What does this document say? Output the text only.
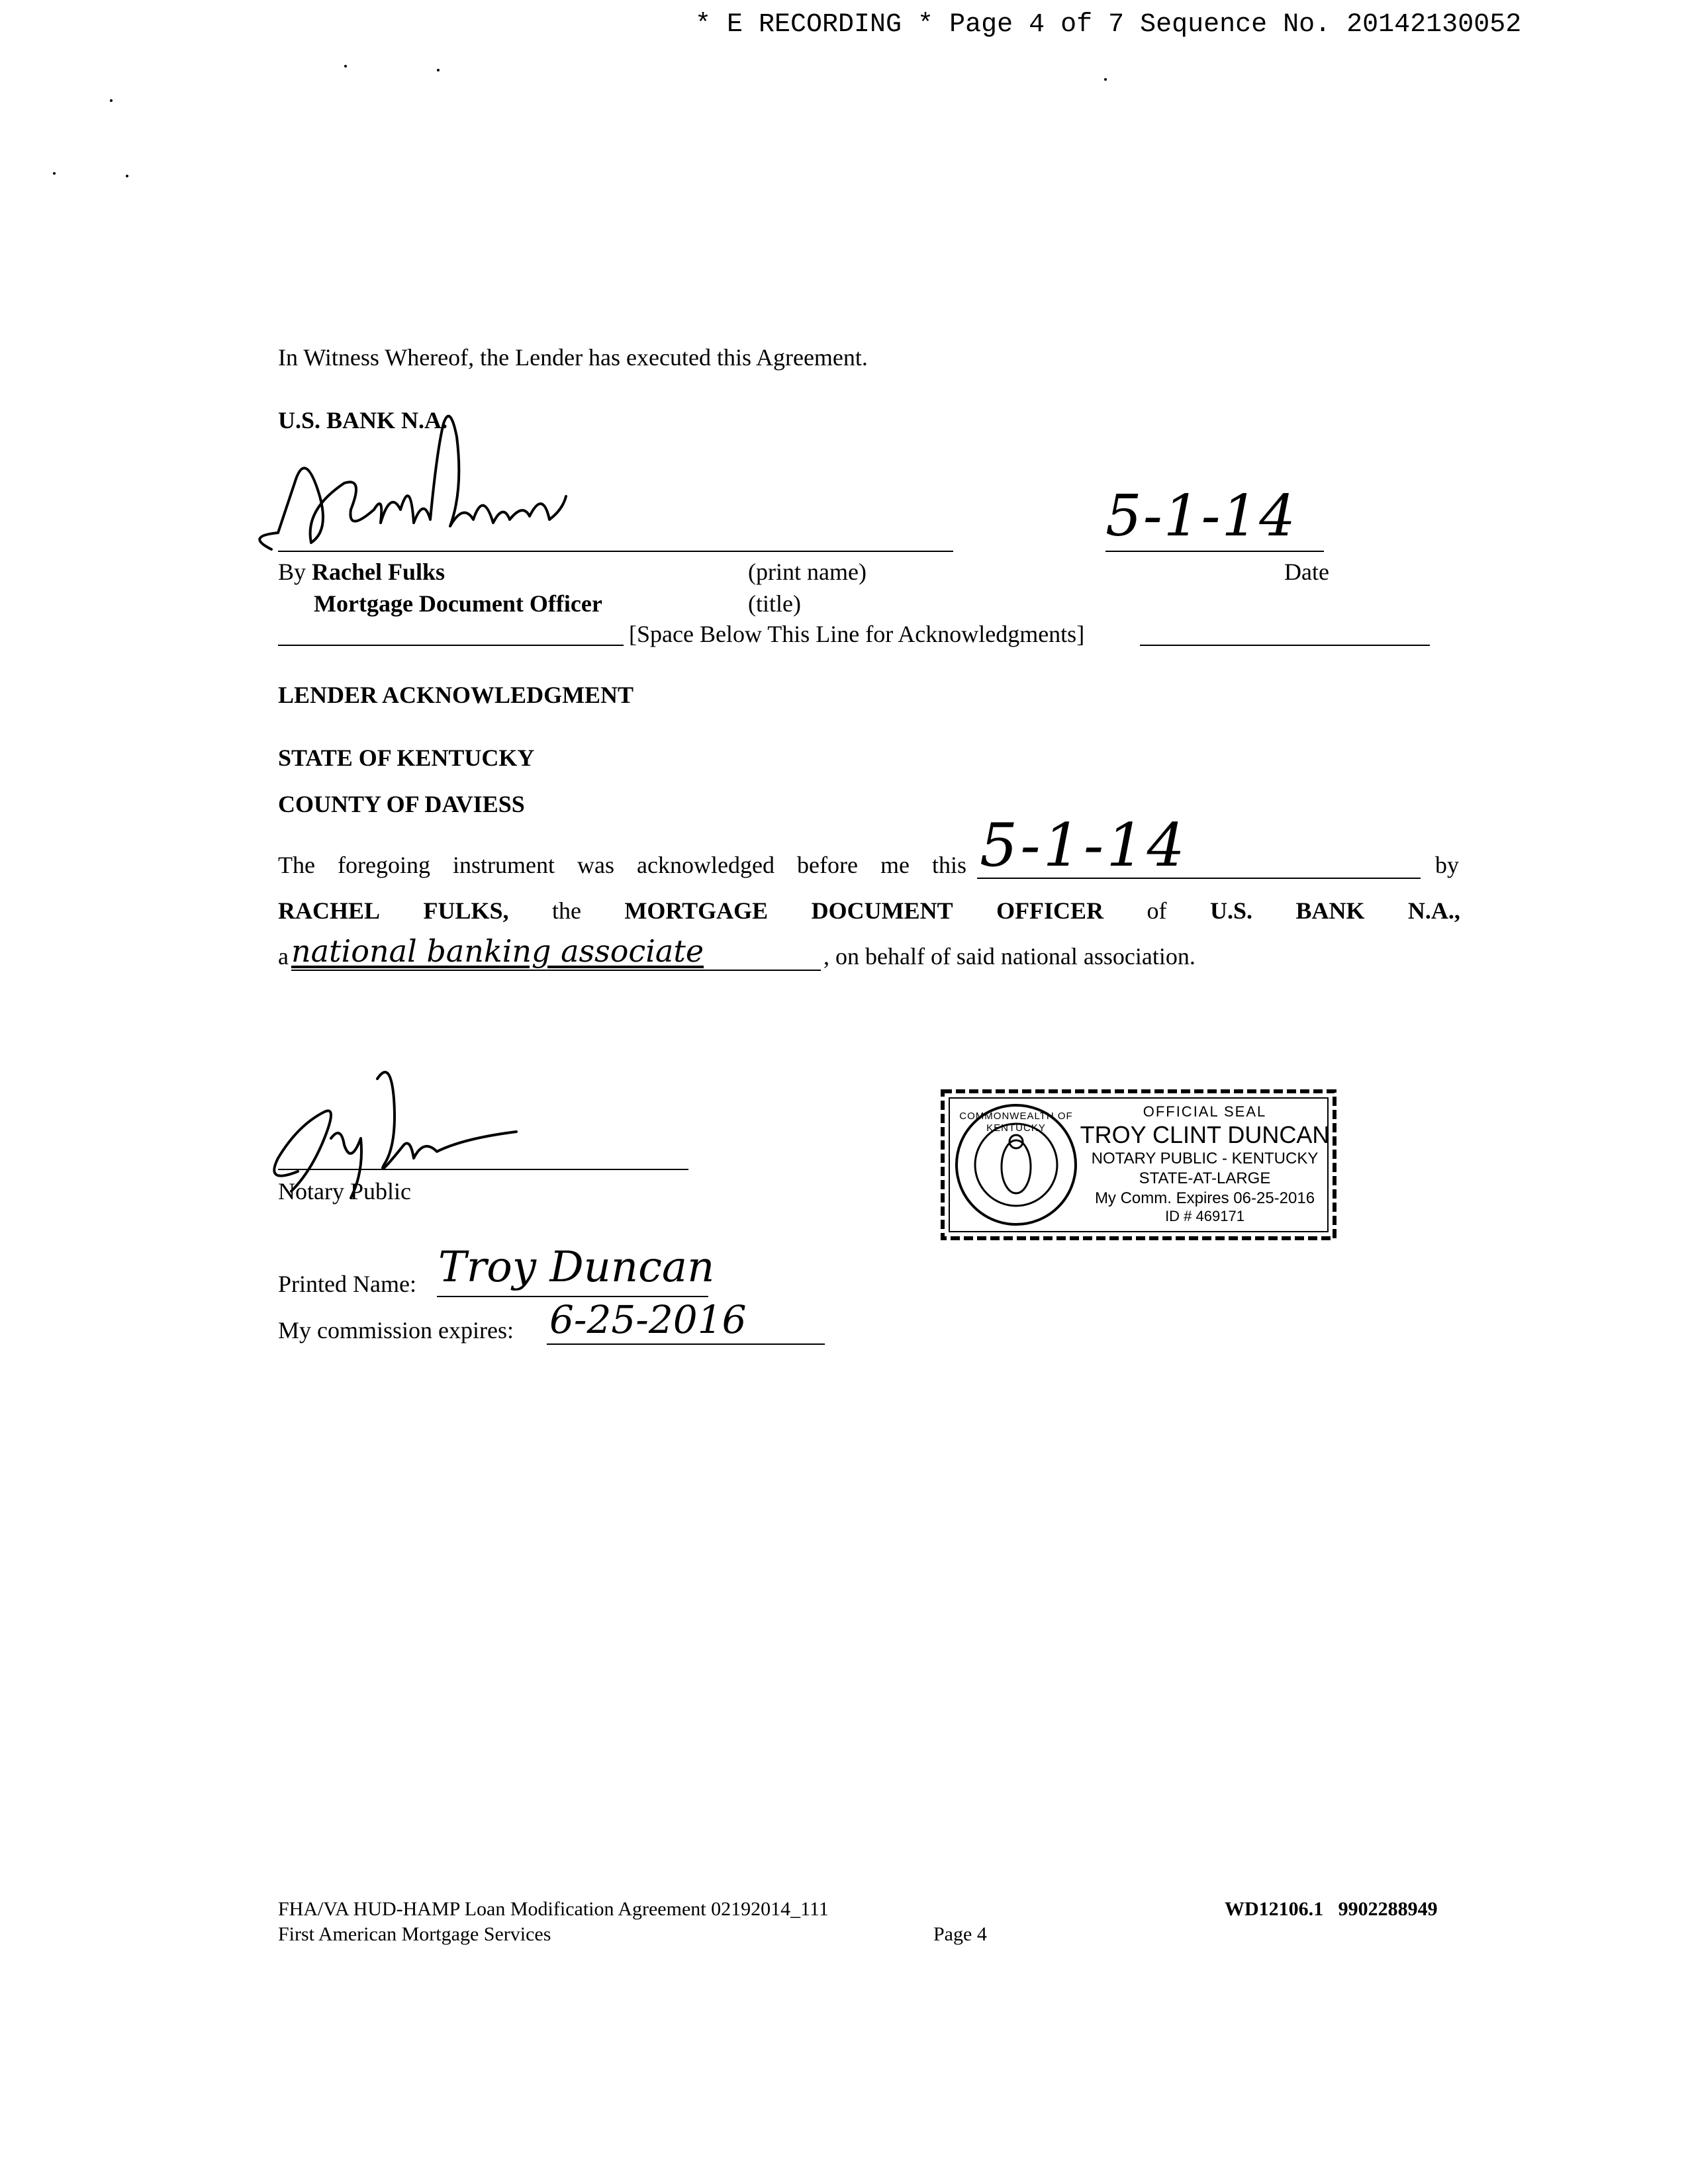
* E RECORDING * Page 4 of 7 Sequence No. 20142130052
In Witness Whereof, the Lender has executed this Agreement.
U.S. BANK N.A.
5-1-14
By Rachel Fulks	(print name)	Date
Mortgage Document Officer	(title)
[Space Below This Line for Acknowledgments]
LENDER ACKNOWLEDGMENT
STATE OF KENTUCKY
COUNTY OF DAVIESS
The foregoing instrument was acknowledged before me this 5-1-14	by
RACHEL FULKS, the MORTGAGE DOCUMENT OFFICER of U.S. BANK N.A.,
a national banking associate	, on behalf of said national association.
Notary Public
COMMONWEALTH OF KENTUCKY
OFFICIAL SEAL
TROY CLINT DUNCAN
NOTARY PUBLIC - KENTUCKY
STATE-AT-LARGE
My Comm. Expires 06-25-2016
ID # 469171
Printed Name: Troy Duncan
My commission expires: 6-25-2016
FHA/VA HUD-HAMP Loan Modification Agreement 02192014_111
First American Mortgage Services	Page 4
WD12106.1   9902288949
